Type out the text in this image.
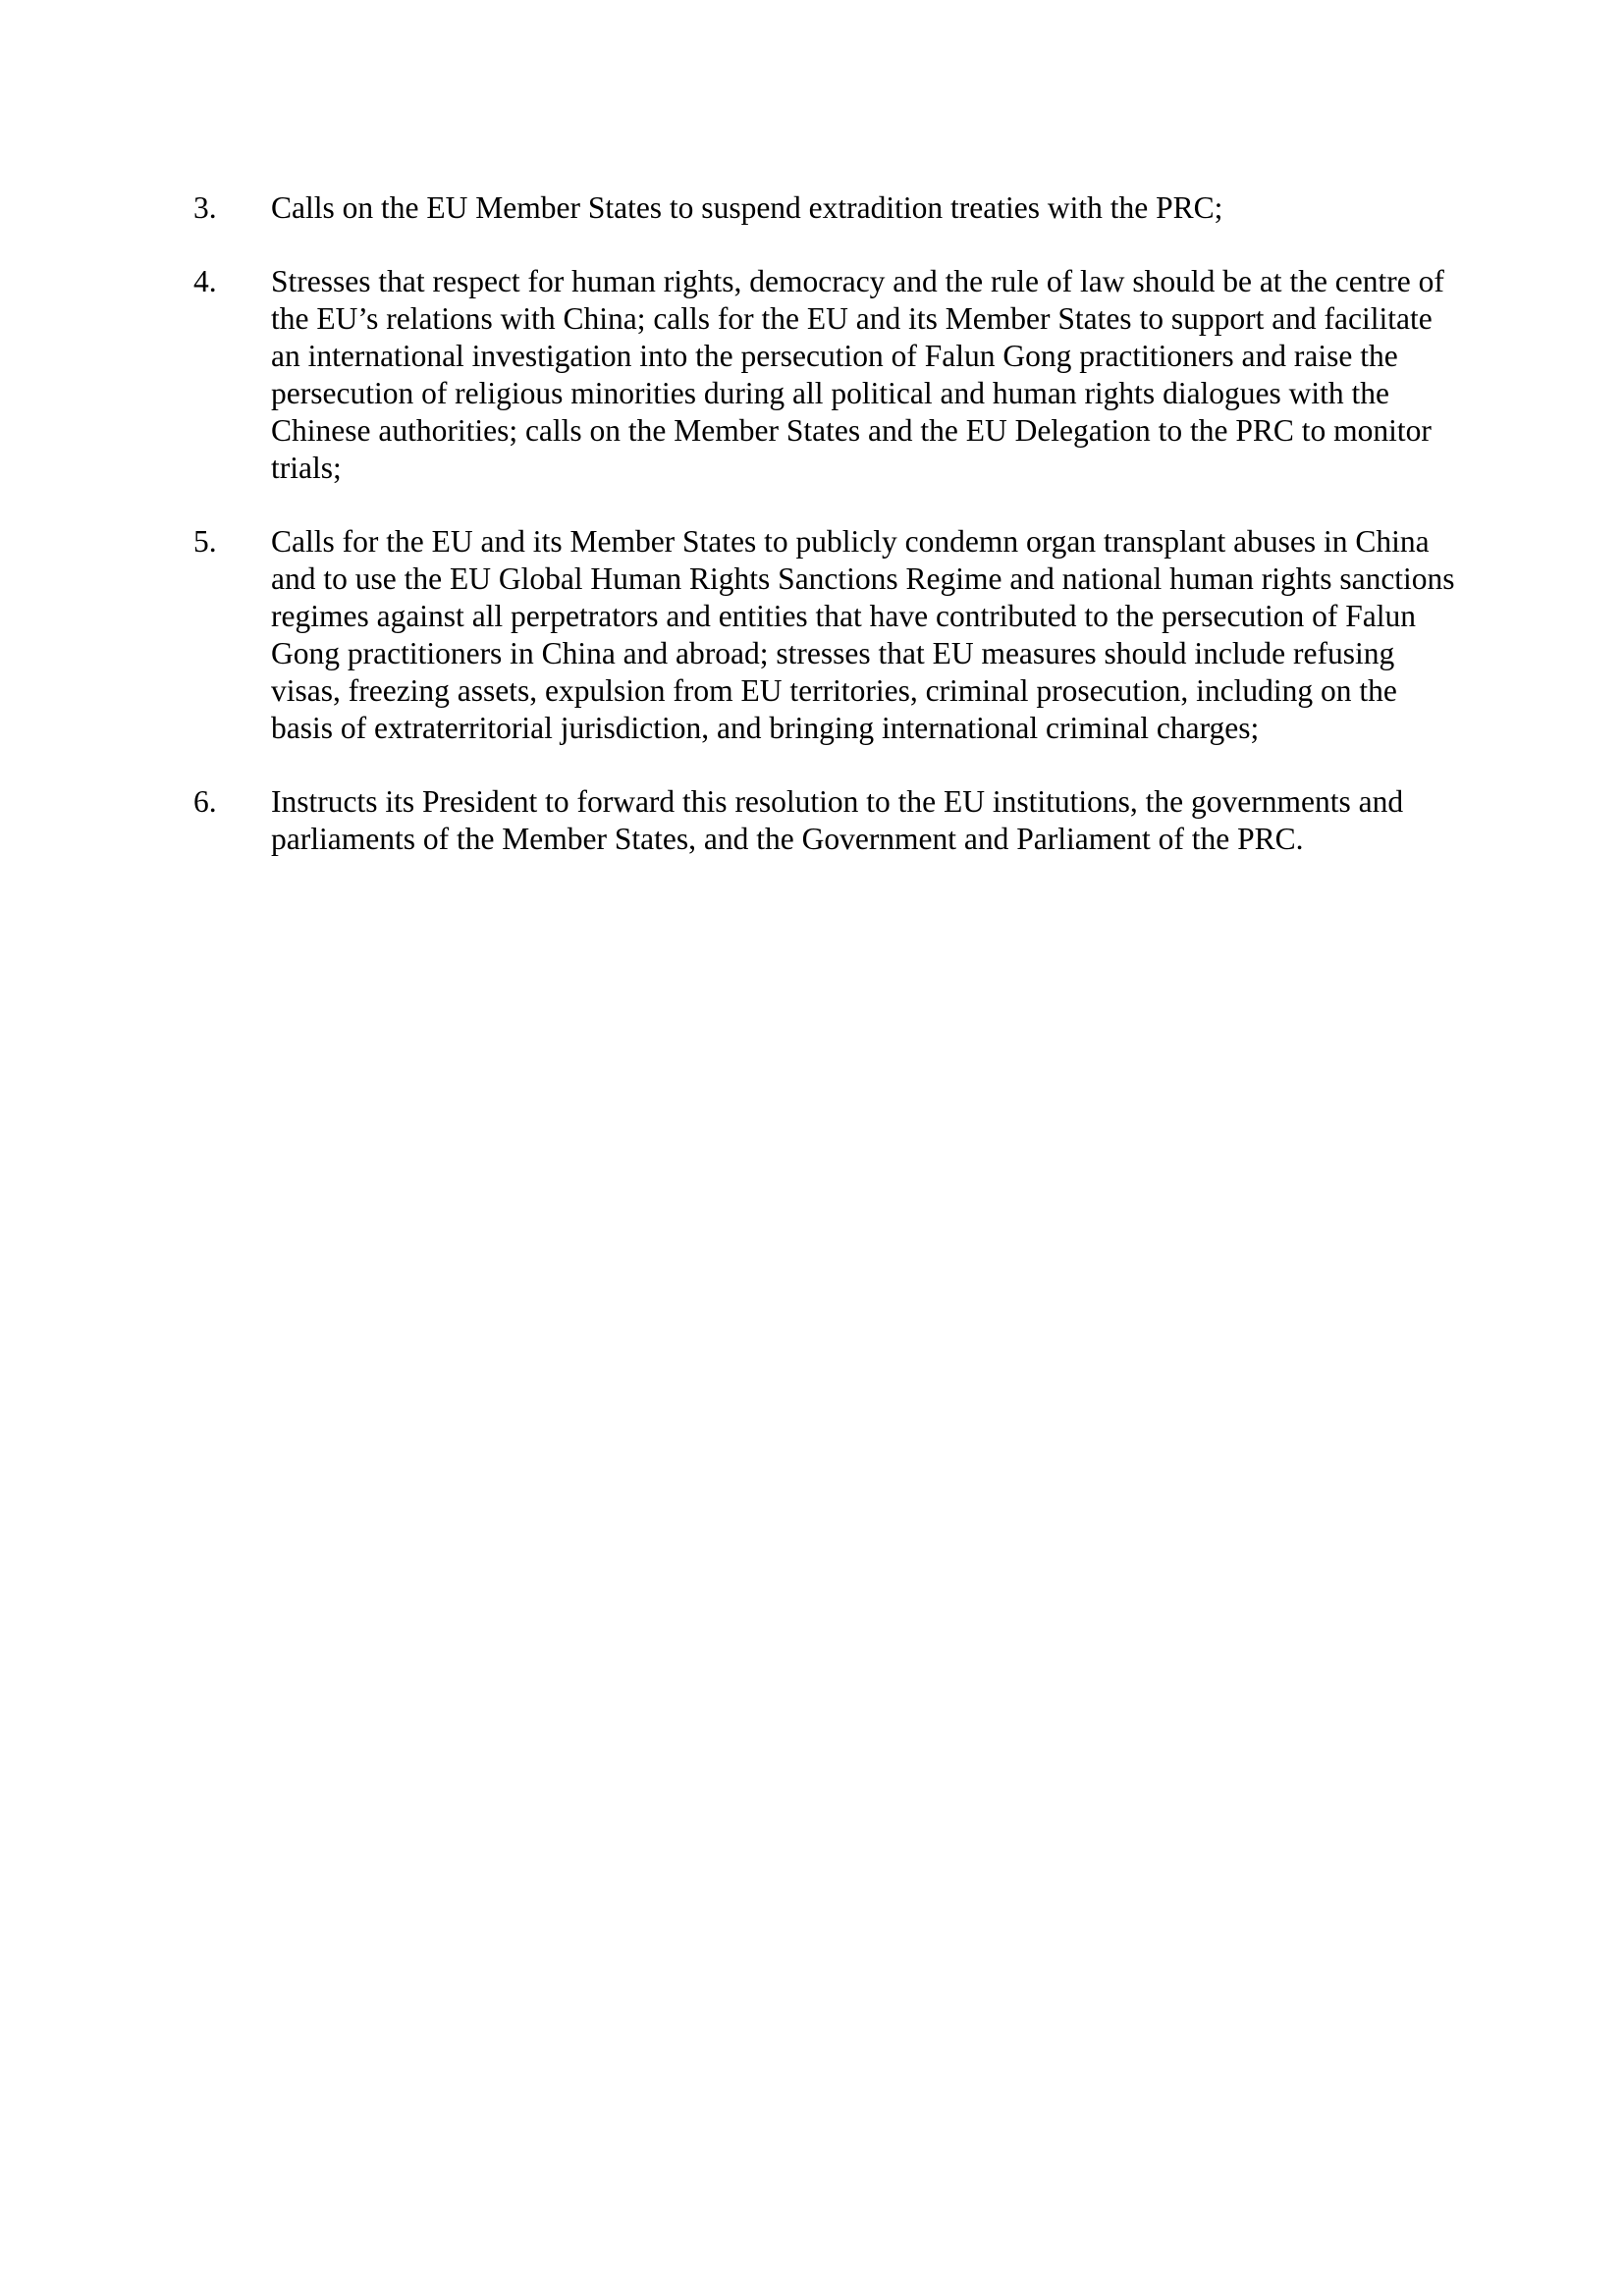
3.	Calls on the EU Member States to suspend extradition treaties with the PRC;
4.	Stresses that respect for human rights, democracy and the rule of law should be at the centre of the EU’s relations with China; calls for the EU and its Member States to support and facilitate an international investigation into the persecution of Falun Gong practitioners and raise the persecution of religious minorities during all political and human rights dialogues with the Chinese authorities; calls on the Member States and the EU Delegation to the PRC to monitor trials;
5.	Calls for the EU and its Member States to publicly condemn organ transplant abuses in China and to use the EU Global Human Rights Sanctions Regime and national human rights sanctions regimes against all perpetrators and entities that have contributed to the persecution of Falun Gong practitioners in China and abroad; stresses that EU measures should include refusing visas, freezing assets, expulsion from EU territories, criminal prosecution, including on the basis of extraterritorial jurisdiction, and bringing international criminal charges;
6.	Instructs its President to forward this resolution to the EU institutions, the governments and parliaments of the Member States, and the Government and Parliament of the PRC.
